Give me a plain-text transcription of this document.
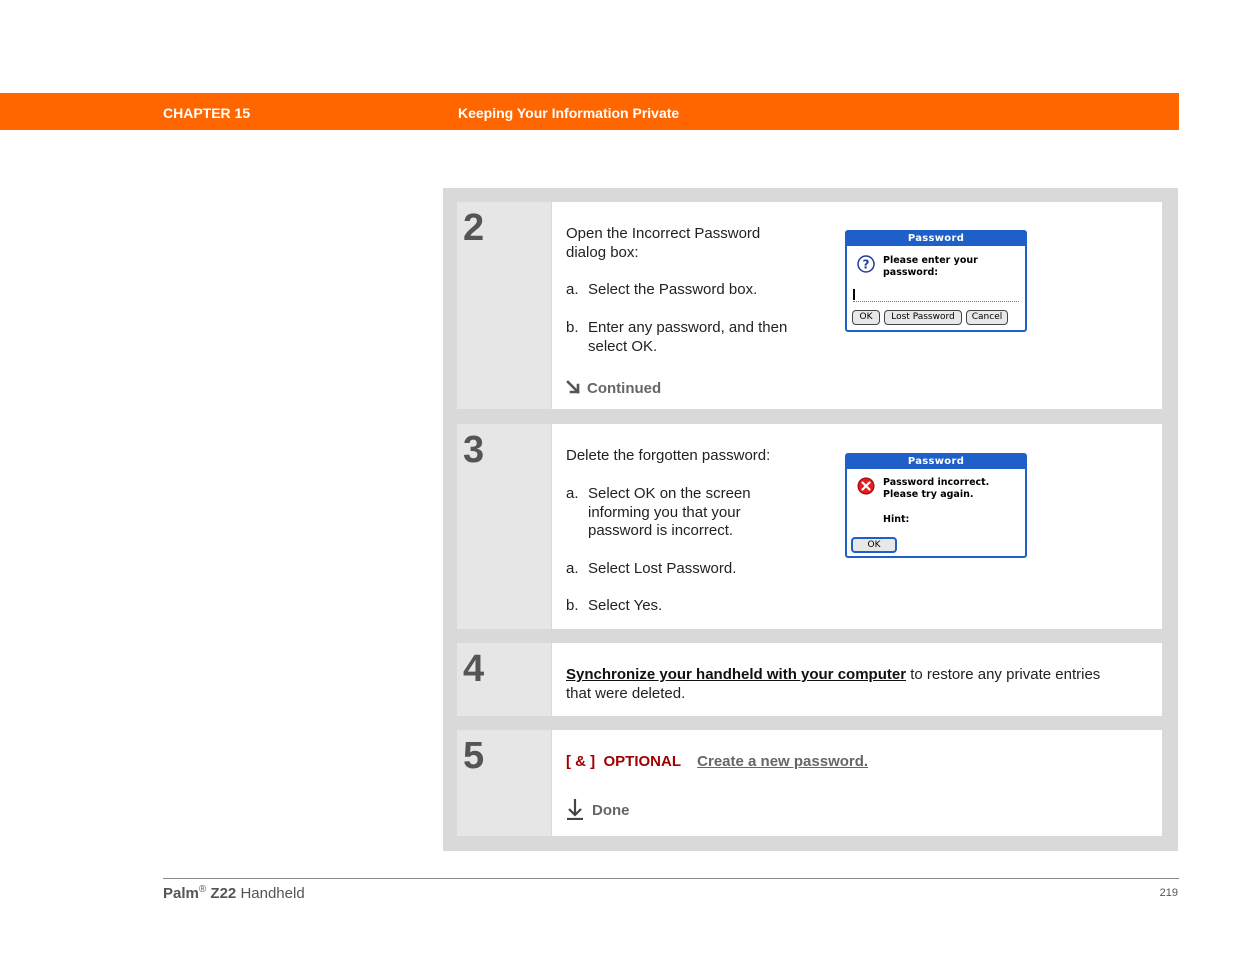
CHAPTER 15	Keeping Your Information Private
2	Open the Incorrect Password
dialog box:
a. Select the Password box.
b. Enter any password, and then
select OK.
Continued
Password
? Please enter your
password:
OK	Lost Password	Cancel
3	Delete the forgotten password:
a. Select OK on the screen
informing you that your
password is incorrect.
a. Select Lost Password.
b. Select Yes.
Password
Password incorrect.
Please try again.
Hint:
OK
4	Synchronize your handheld with your computer to restore any private entries
that were deleted.
5	[ & ]  OPTIONAL Create a new password.
Done
Palm® Z22 Handheld	219
